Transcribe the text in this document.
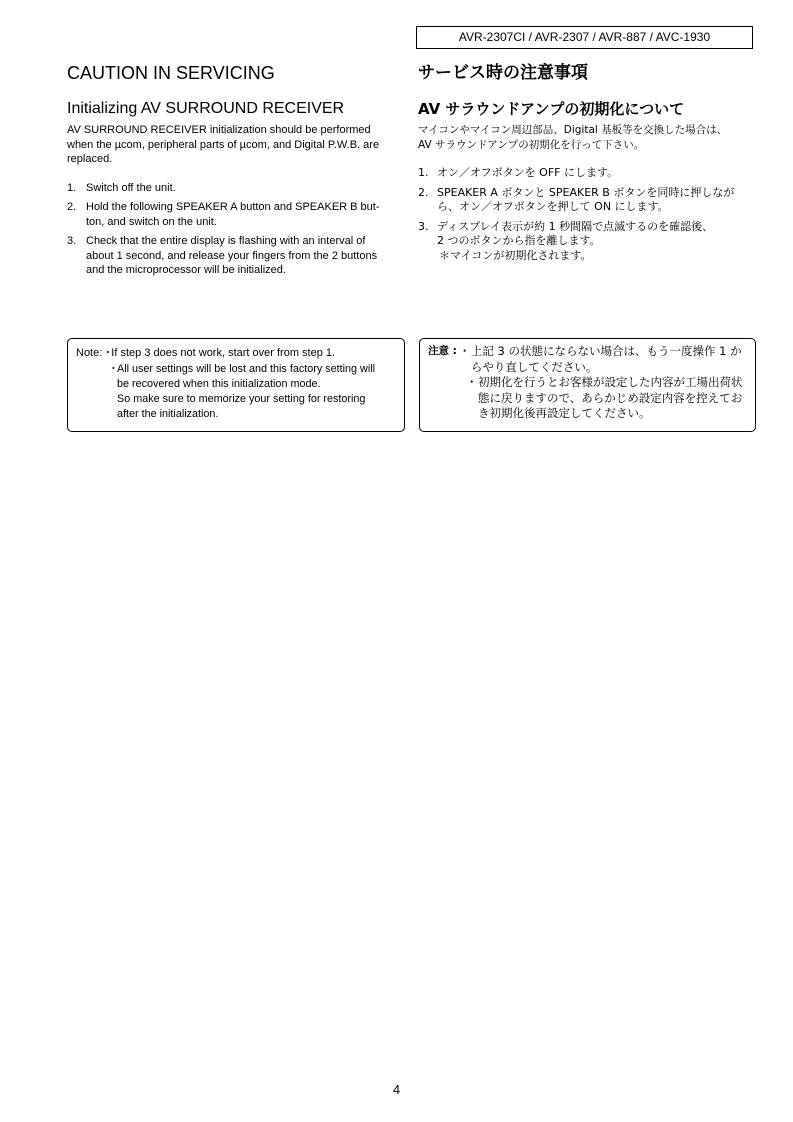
AVR-2307CI / AVR-2307 / AVR-887 / AVC-1930
CAUTION IN SERVICING
Initializing AV SURROUND RECEIVER

AV SURROUND RECEIVER initialization should be performed
when the µcom, peripheral parts of µcom, and Digital P.W.B. are
replaced.

1. Switch off the unit.
2. Hold the following SPEAKER A button and SPEAKER B but-
ton, and switch on the unit.
3. Check that the entire display is flashing with an interval of
about 1 second, and release your fingers from the 2 buttons
and the microprocessor will be initialized.
サービス時の注意事項
AV サラウンドアンプの初期化について

マイコンやマイコン周辺部品、Digital 基板等を交換した場合は、
AV サラウンドアンプの初期化を行って下さい。

1. オン／オフボタンを OFF にします。
2. SPEAKER A ボタンと SPEAKER B ボタンを同時に押しなが
ら、オン／オフボタンを押して ON にします。
3. ディスプレイ表示が約 1 秒間隔で点滅するのを確認後、
2 つのボタンから指を離します。
＊マイコンが初期化されます。
Note: ・
If step 3 does not work, start over from step 1.
・
All user settings will be lost and this factory setting will
be recovered when this initialization mode.
So make sure to memorize your setting for restoring
after the initialization.
注意 : ・ 上記 3 の状態にならない場合は、もう一度操作 1 か
らやり直してください。
・ 初期化を行うとお客様が設定した内容が工場出荷状
態に戻りますので、あらかじめ設定内容を控えてお
き初期化後再設定してください。
4
